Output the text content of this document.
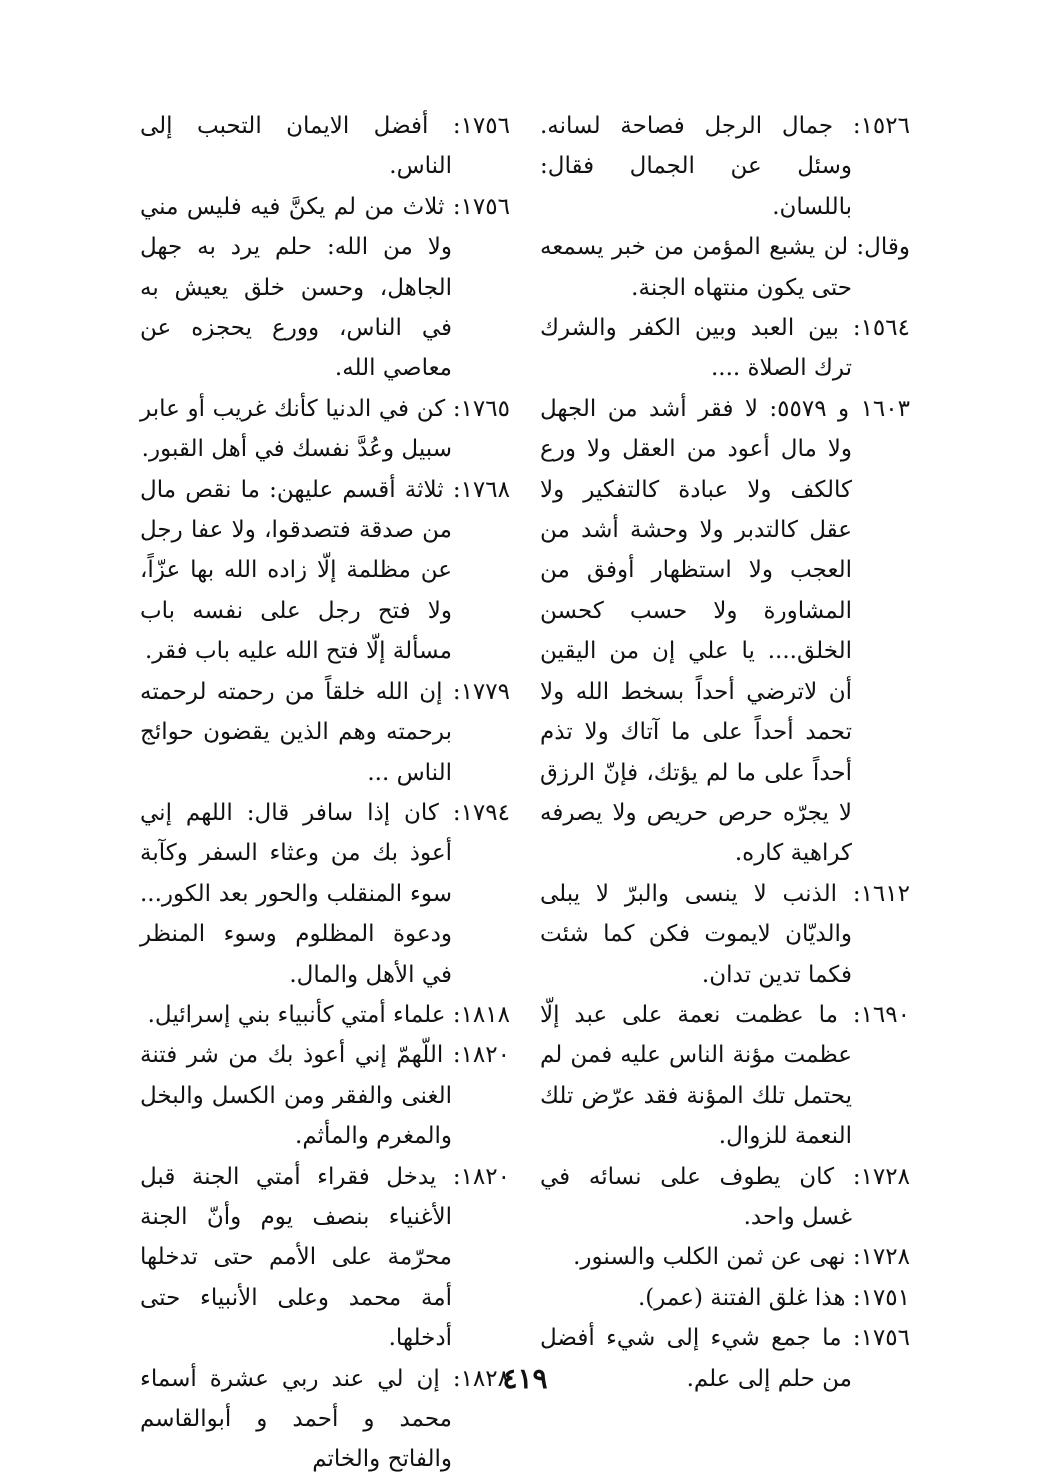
١٥٢٦: جمال الرجل فصاحة لسانه. وسئل عن الجمال فقال: باللسان.

وقال: لن يشبع المؤمن من خبر يسمعه حتى يكون منتهاه الجنة.

١٥٦٤: بين العبد وبين الكفر والشرك ترك الصلاة ....

١٦٠٣ و ٥٥٧٩: لا فقر أشد من الجهل ولا مال أعود من العقل ولا ورع كالكف ولا عبادة كالتفكير ولا عقل كالتدبر ولا وحشة أشد من العجب ولا استظهار أوفق من المشاورة ولا حسب كحسن الخلق.... يا علي إن من اليقين أن لاترضي أحداً بسخط الله ولا تحمد أحداً على ما آتاك ولا تذم أحداً على ما لم يؤتك، فإنّ الرزق لا يجرّه حرص حريص ولا يصرفه كراهية كاره.

١٦١٢: الذنب لا ينسى والبرّ لا يبلى والديّان لايموت فكن كما شئت فكما تدين تدان.

١٦٩٠: ما عظمت نعمة على عبد إلّا عظمت مؤنة الناس عليه فمن لم يحتمل تلك المؤنة فقد عرّض تلك النعمة للزوال.

١٧٢٨: كان يطوف على نسائه في غسل واحد.

١٧٢٨: نهى عن ثمن الكلب والسنور.

١٧٥١: هذا غلق الفتنة (عمر).

١٧٥٦: ما جمع شيء إلى شيء أفضل من حلم إلى علم.

١٧٥٦: أفضل الايمان التحبب إلى الناس.

١٧٥٦: ثلاث من لم يكنَّ فيه فليس مني ولا من الله: حلم يرد به جهل الجاهل، وحسن خلق يعيش به في الناس، وورع يحجزه عن معاصي الله.

١٧٦٥: كن في الدنيا كأنك غريب أو عابر سبيل وعُدَّ نفسك في أهل القبور.

١٧٦٨: ثلاثة أقسم عليهن: ما نقص مال من صدقة فتصدقوا، ولا عفا رجل عن مظلمة إلّا زاده الله بها عزّاً، ولا فتح رجل على نفسه باب مسألة إلّا فتح الله عليه باب فقر.

١٧٧٩: إن الله خلقاً من رحمته لرحمته برحمته وهم الذين يقضون حوائج الناس ...

١٧٩٤: كان إذا سافر قال: اللهم إني أعوذ بك من وعثاء السفر وكآبة سوء المنقلب والحور بعد الكور... ودعوة المظلوم وسوء المنظر في الأهل والمال.

١٨١٨: علماء أمتي كأنبياء بني إسرائيل.

١٨٢٠: اللّهمّ إني أعوذ بك من شر فتنة الغنى والفقر ومن الكسل والبخل والمغرم والمأثم.

١٨٢٠: يدخل فقراء أمتي الجنة قبل الأغنياء بنصف يوم وأنّ الجنة محرّمة على الأمم حتى تدخلها أمة محمد وعلى الأنبياء حتى أدخلها.

١٨٢٨: إن لي عند ربي عشرة أسماء محمد و أحمد و أبوالقاسم والفاتح والخاتم

٤١٩
